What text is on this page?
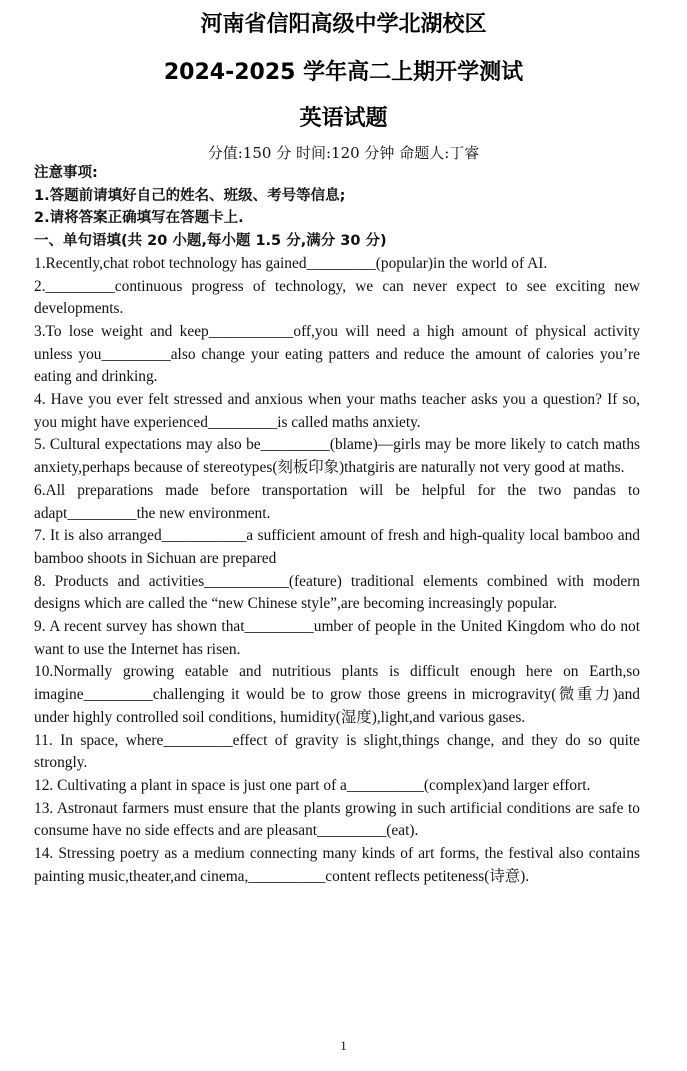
河南省信阳高级中学北湖校区
2024-2025 学年高二上期开学测试
英语试题
分值:150 分 时间:120 分钟 命题人:丁睿

注意事项:

1.答题前请填好自己的姓名、班级、考号等信息;

2.请将答案正确填写在答题卡上.

一、单句语填(共 20 小题,每小题 1.5 分,满分 30 分)

1.Recently,chat robot technology has gained_________(popular)in the world of AI.

2._________continuous progress of technology, we can never expect to see exciting new developments.

3.To lose weight and keep___________off,you will need a high amount of physical activity unless you_________also change your eating patters and reduce the amount of calories you’re eating and drinking.

4. Have you ever felt stressed and anxious when your maths teacher asks you a question? If so, you might have experienced_________is called maths anxiety.

5. Cultural expectations may also be_________(blame)—girls may be more likely to catch maths anxiety,perhaps because of stereotypes(刻板印象)thatgiris are naturally not very good at maths.

6.All preparations made before transportation will be helpful for the two pandas to adapt_________the new environment.

7. It is also arranged___________a sufficient amount of fresh and high-quality local bamboo and bamboo shoots in Sichuan are prepared

8. Products and activities___________(feature) traditional elements combined with modern designs which are called the “new Chinese style”,are becoming increasingly popular.

9. A recent survey has shown that_________umber of people in the United Kingdom who do not want to use the Internet has risen.

10.Normally growing eatable and nutritious plants is difficult enough here on Earth,so imagine_________challenging it would be to grow those greens in microgravity(微重力)and under highly controlled soil conditions, humidity(湿度),light,and various gases.

11. In space, where_________effect of gravity is slight,things change, and they do so quite strongly.

12. Cultivating a plant in space is just one part of a__________(complex)and larger effort.

13. Astronaut farmers must ensure that the plants growing in such artificial conditions are safe to consume have no side effects and are pleasant_________(eat).

14. Stressing poetry as a medium connecting many kinds of art forms, the festival also contains painting music,theater,and cinema,__________content reflects petiteness(诗意).

1
